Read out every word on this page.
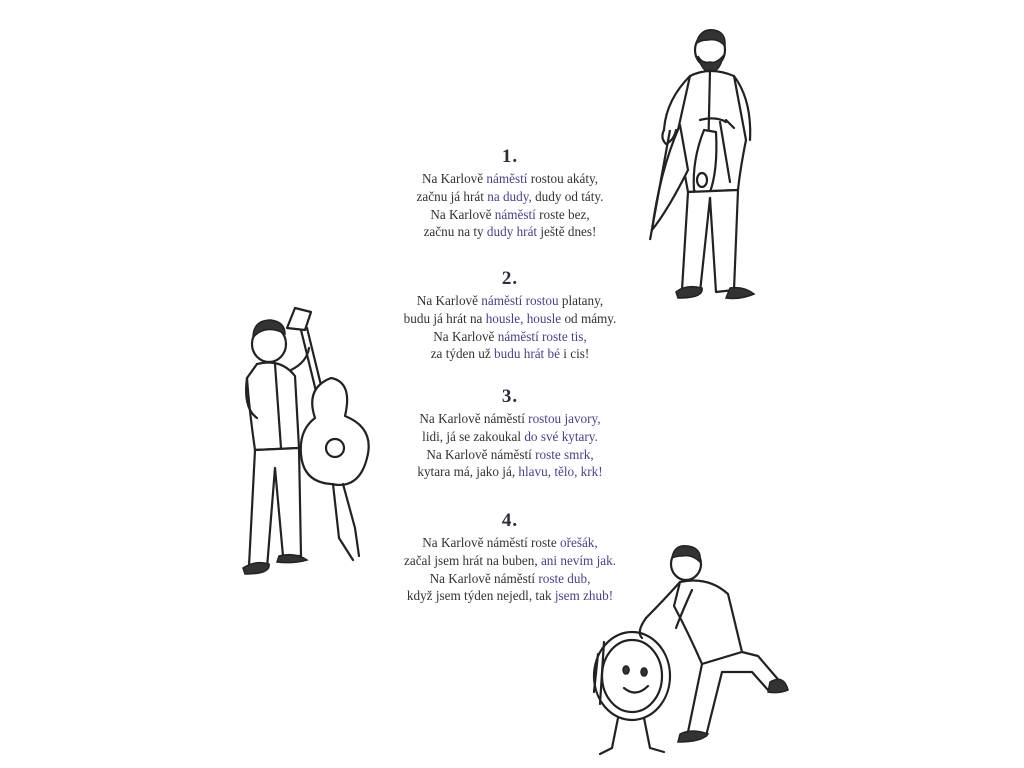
1.
Na Karlově náměstí rostou akáty,
začnu já hrát na dudy, dudy od táty.
Na Karlově náměstí roste bez,
začnu na ty dudy hrát ještě dnes!
2.
Na Karlově náměstí rostou platany,
budu já hrát na housle, housle od mámy.
Na Karlově náměstí roste tis,
za týden už budu hrát bé i cis!
3.
Na Karlově náměstí rostou javory,
lidi, já se zakoukal do své kytary.
Na Karlově náměstí roste smrk,
kytara má, jako já, hlavu, tělo, krk!
4.
Na Karlově náměstí roste ořešák,
začal jsem hrát na buben, ani nevím jak.
Na Karlově náměstí roste dub,
když jsem týden nejedl, tak jsem zhub!
